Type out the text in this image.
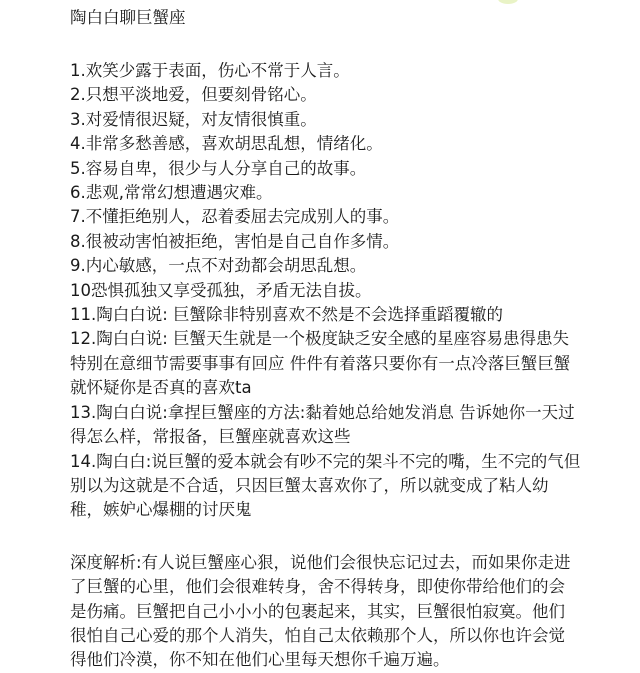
陶白白聊巨蟹座

1.欢笑少露于表面，伤心不常于人言。

2.只想平淡地爱，但要刻骨铭心。

3.对爱情很迟疑，对友情很慎重。

4.非常多愁善感，喜欢胡思乱想，情绪化。

5.容易自卑，很少与人分享自己的故事。

6.悲观,常常幻想遭遇灾难。

7.不懂拒绝别人，忍着委屈去完成别人的事。

8.很被动害怕被拒绝，害怕是自己自作多情。

9.内心敏感，一点不对劲都会胡思乱想。

10恐惧孤独又享受孤独，矛盾无法自拔。

11.陶白白说: 巨蟹除非特别喜欢不然是不会选择重蹈覆辙的

12.陶白白说: 巨蟹天生就是一个极度缺乏安全感的星座容易患得患失

特别在意细节需要事事有回应 件件有着落只要你有一点冷落巨蟹巨蟹

就怀疑你是否真的喜欢ta

13.陶白白说:拿捏巨蟹座的方法:黏着她总给她发消息 告诉她你一天过

得怎么样，常报备，巨蟹座就喜欢这些

14.陶白白:说巨蟹的爱本就会有吵不完的架斗不完的嘴，生不完的气但

别以为这就是不合适，只因巨蟹太喜欢你了，所以就变成了粘人幼

稚，嫉妒心爆棚的讨厌鬼

深度解析:有人说巨蟹座心狠，说他们会很快忘记过去，而如果你走进

了巨蟹的心里，他们会很难转身，舍不得转身，即使你带给他们的会

是伤痛。巨蟹把自己小小小的包裹起来，其实，巨蟹很怕寂寞。他们

很怕自己心爱的那个人消失，怕自己太依赖那个人，所以你也许会觉

得他们冷漠，你不知在他们心里每天想你千遍万遍。
